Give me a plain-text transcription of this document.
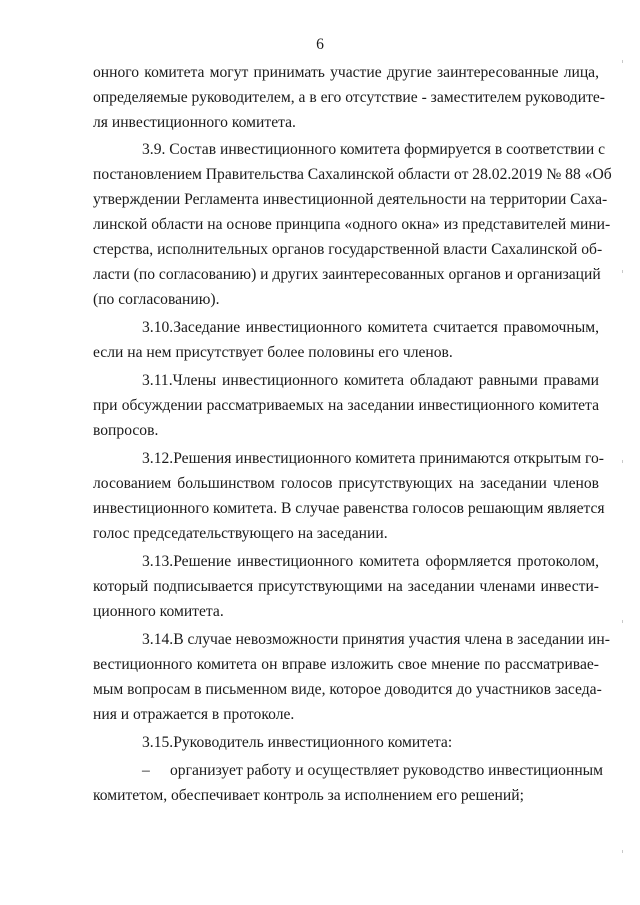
6
онного комитета могут принимать участие другие заинтересованные лица,
определяемые руководителем, а в его отсутствие - заместителем руководите-
ля инвестиционного комитета.
3.9. Состав инвестиционного комитета формируется в соответствии с
постановлением Правительства Сахалинской области от 28.02.2019 № 88 «Об
утверждении Регламента инвестиционной деятельности на территории Саха-
линской области на основе принципа «одного окна» из представителей мини-
стерства, исполнительных органов государственной власти Сахалинской об-
ласти (по согласованию) и других заинтересованных органов и организаций
(по согласованию).
3.10.Заседание инвестиционного комитета считается правомочным,
если на нем присутствует более половины его членов.
3.11.Члены инвестиционного комитета обладают равными правами
при обсуждении рассматриваемых на заседании инвестиционного комитета
вопросов.
3.12.Решения инвестиционного комитета принимаются открытым го-
лосованием большинством голосов присутствующих на заседании членов
инвестиционного комитета. В случае равенства голосов решающим является
голос председательствующего на заседании.
3.13.Решение инвестиционного комитета оформляется протоколом,
который подписывается присутствующими на заседании членами инвести-
ционного комитета.
3.14.В случае невозможности принятия участия члена в заседании ин-
вестиционного комитета он вправе изложить свое мнение по рассматривае-
мым вопросам в письменном виде, которое доводится до участников заседа-
ния и отражается в протоколе.
3.15.Руководитель инвестиционного комитета:
– организует работу и осуществляет руководство инвестиционным
комитетом, обеспечивает контроль за исполнением его решений;
